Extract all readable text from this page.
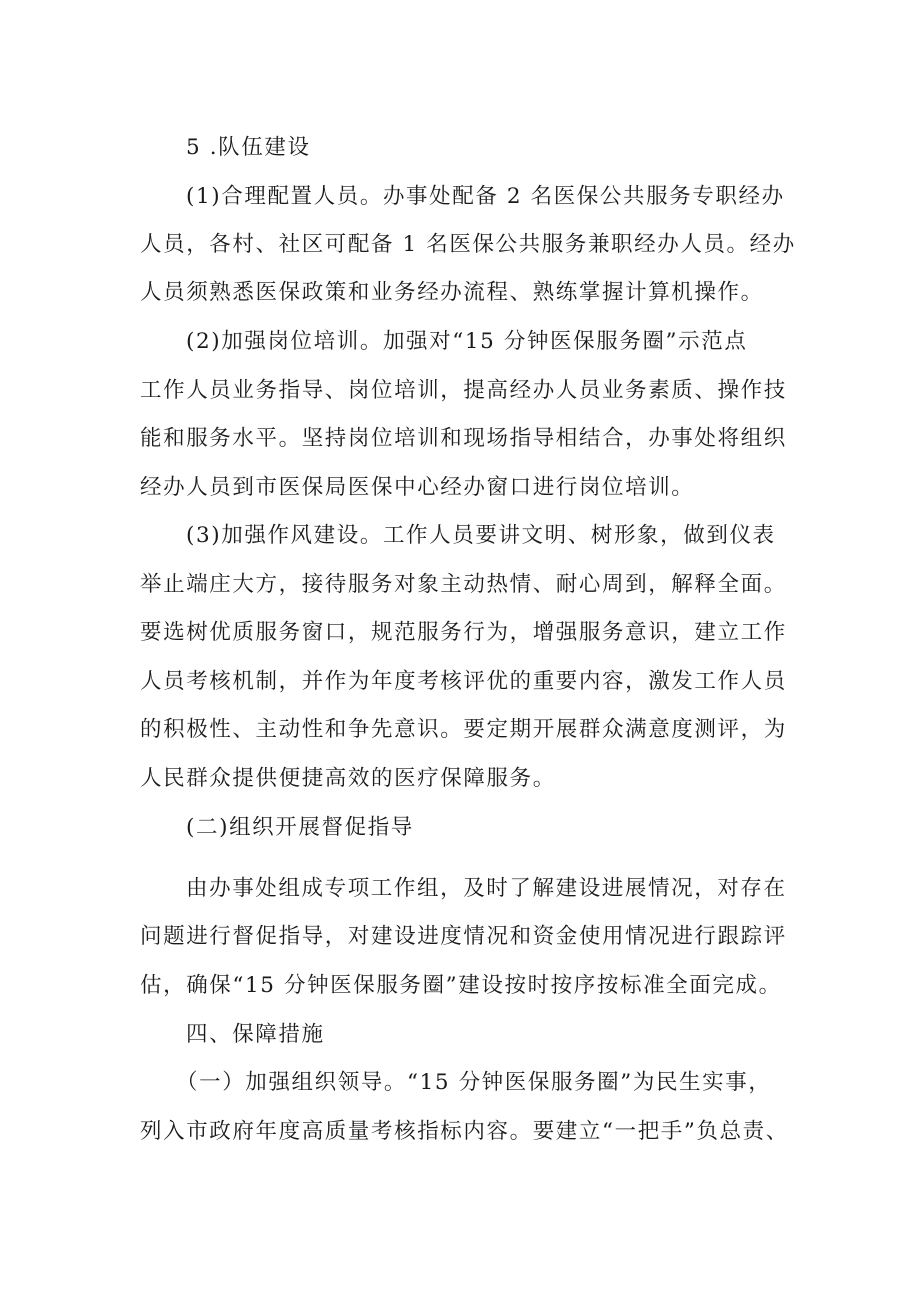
5 .队伍建设
(1)合理配置人员。办事处配备 2 名医保公共服务专职经办
人员，各村、社区可配备 1 名医保公共服务兼职经办人员。经办
人员须熟悉医保政策和业务经办流程、熟练掌握计算机操作。
(2)加强岗位培训。加强对“15 分钟医保服务圈”示范点
工作人员业务指导、岗位培训，提高经办人员业务素质、操作技
能和服务水平。坚持岗位培训和现场指导相结合，办事处将组织
经办人员到市医保局医保中心经办窗口进行岗位培训。
(3)加强作风建设。工作人员要讲文明、树形象，做到仪表
举止端庄大方，接待服务对象主动热情、耐心周到，解释全面。
要选树优质服务窗口，规范服务行为，增强服务意识，建立工作
人员考核机制，并作为年度考核评优的重要内容，激发工作人员
的积极性、主动性和争先意识。要定期开展群众满意度测评，为
人民群众提供便捷高效的医疗保障服务。
(二)组织开展督促指导
由办事处组成专项工作组，及时了解建设进展情况，对存在
问题进行督促指导，对建设进度情况和资金使用情况进行跟踪评
估，确保“15 分钟医保服务圈”建设按时按序按标准全面完成。
四、保障措施
（一）加强组织领导。“15 分钟医保服务圈”为民生实事，
列入市政府年度高质量考核指标内容。要建立“一把手”负总责、
